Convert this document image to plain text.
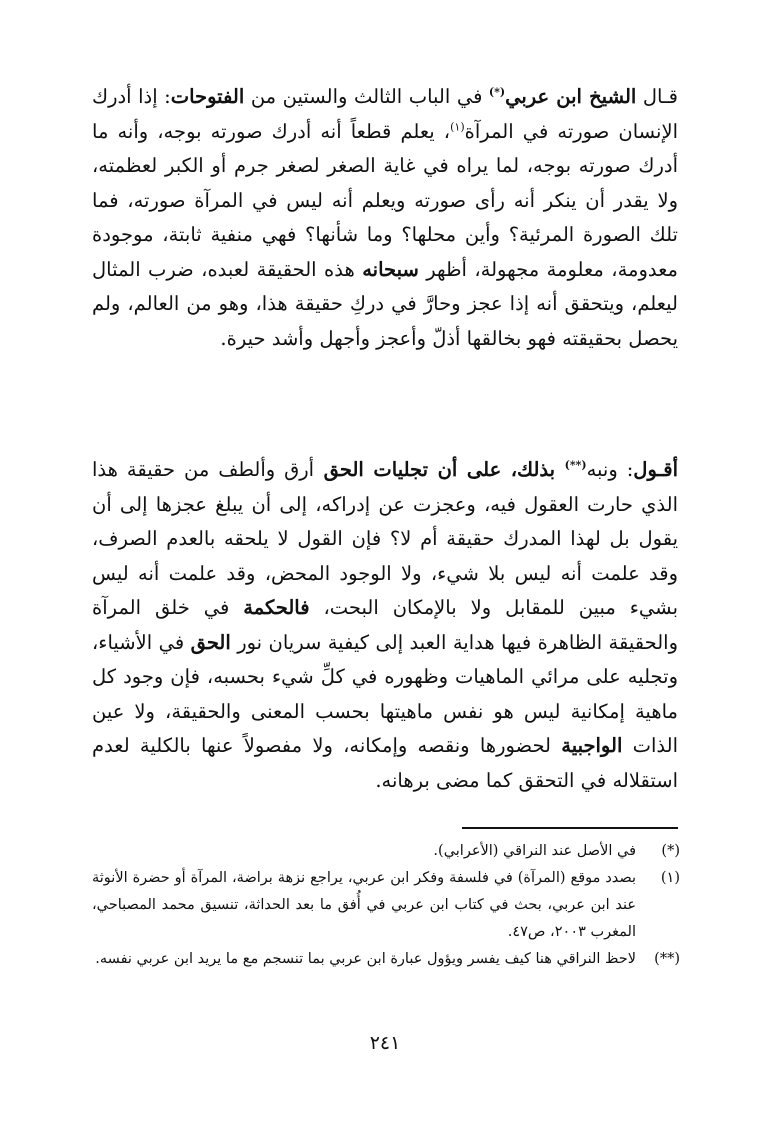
قـال الشيخ ابن عربي(*) في الباب الثالث والستين من الفتوحات: إذا أدرك الإنسان صورته في المرآة$^{(١)}$، يعلم قطعاً أنه أدرك صورته بوجه، وأنه ما أدرك صورته بوجه، لما يراه في غاية الصغر لصغر جرم أو الكبر لعظمته، ولا يقدر أن ينكر أنه رأى صورته ويعلم أنه ليس في المرآة صورته، فما تلك الصورة المرئية؟ وأين محلها؟ وما شأنها؟ فهي منفية ثابتة، موجودة معدومة، معلومة مجهولة، أظهر سبحانه هذه الحقيقة لعبده، ضرب المثال ليعلم، ويتحقق أنه إذا عجز وحارَّ في دركِ حقيقة هذا، وهو من العالم، ولم يحصل بحقيقته فهو بخالقها أذلّ وأعجز وأجهل وأشد حيرة.

أقـول: ونبه(**) بذلك، على أن تجليات الحق أرق وألطف من حقيقة هذا الذي حارت العقول فيه، وعجزت عن إدراكه، إلى أن يبلغ عجزها إلى أن يقول بل لهذا المدرك حقيقة أم لا؟ فإن القول لا يلحقه بالعدم الصرف، وقد علمت أنه ليس بلا شيء، ولا الوجود المحض، وقد علمت أنه ليس بشيء مبين للمقابل ولا بالإمكان البحت، فالحكمة في خلق المرآة والحقيقة الظاهرة فيها هداية العبد إلى كيفية سريان نور الحق في الأشياء، وتجليه على مرائي الماهيات وظهوره في كلِّ شيء بحسبه، فإن وجود كل ماهية إمكانية ليس هو نفس ماهيتها بحسب المعنى والحقيقة، ولا عين الذات الواجبية لحضورها ونقصه وإمكانه، ولا مفصولاً عنها بالكلية لعدم استقلاله في التحقق كما مضى برهانه.

(*)
في الأصل عند النراقي (الأعرابي).
(١)
بصدد موقع (المرآة) في فلسفة وفكر ابن عربي، يراجع نزهة براضة، المرآة أو حضرة الأنوثة عند ابن عربي، بحث في كتاب ابن عربي في أُفق ما بعد الحداثة، تنسيق محمد المصباحي، المغرب ٢٠٠٣، ص٤٧.
(**)
لاحظ النراقي هنا كيف يفسر ويؤول عبارة ابن عربي بما تنسجم مع ما يريد ابن عربي نفسه.
٢٤١
